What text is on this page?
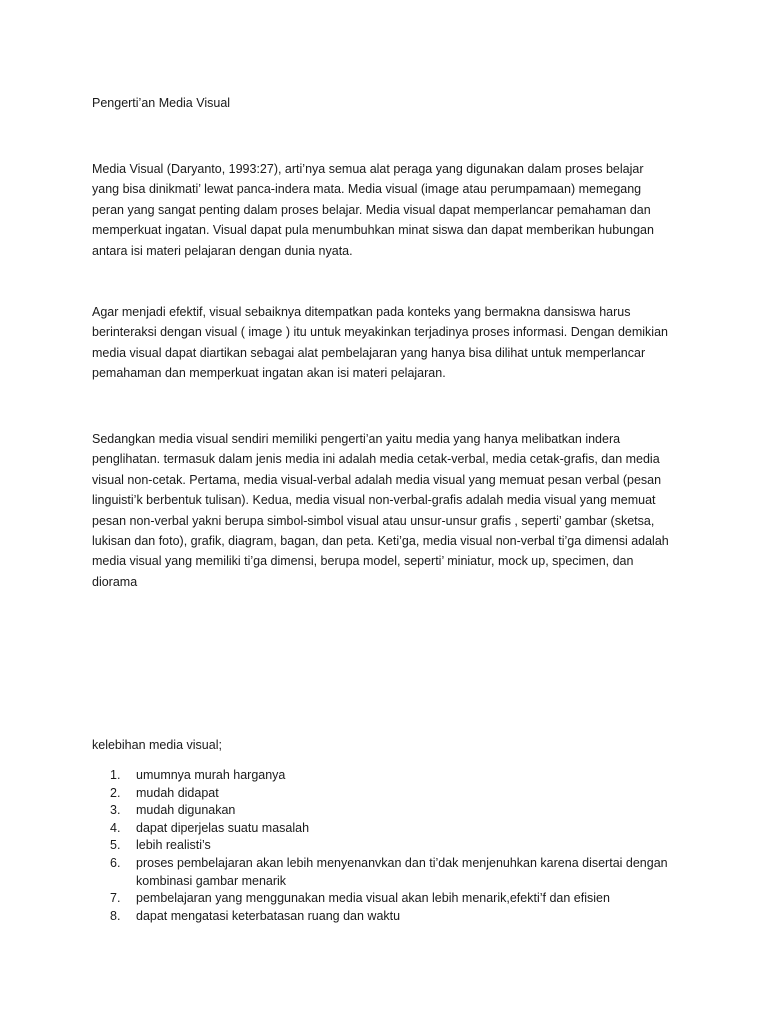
Pengerti’an Media Visual

Media Visual (Daryanto, 1993:27), arti’nya semua alat peraga yang digunakan dalam proses belajar yang bisa dinikmati’ lewat panca-indera mata. Media visual (image atau perumpamaan) memegang peran yang sangat penting dalam proses belajar. Media visual dapat memperlancar pemahaman dan memperkuat ingatan. Visual dapat pula menumbuhkan minat siswa dan dapat memberikan hubungan antara isi materi pelajaran dengan dunia nyata.

Agar menjadi efektif, visual sebaiknya ditempatkan pada konteks yang bermakna dansiswa harus berinteraksi dengan visual ( image ) itu untuk meyakinkan terjadinya proses informasi. Dengan demikian media visual dapat diartikan sebagai alat pembelajaran yang hanya bisa dilihat untuk memperlancar pemahaman dan memperkuat ingatan akan isi materi pelajaran.

Sedangkan media visual sendiri memiliki pengerti’an yaitu media yang hanya melibatkan indera penglihatan. termasuk dalam jenis media ini adalah media cetak-verbal, media cetak-grafis, dan media visual non-cetak. Pertama, media visual-verbal adalah media visual yang memuat pesan verbal (pesan linguisti’k berbentuk tulisan). Kedua, media visual non-verbal-grafis adalah media visual yang memuat pesan non-verbal yakni berupa simbol-simbol visual atau unsur-unsur grafis , seperti’ gambar (sketsa, lukisan dan foto), grafik, diagram, bagan, dan peta. Keti’ga, media visual non-verbal ti’ga dimensi adalah media visual yang memiliki ti’ga dimensi, berupa model, seperti’ miniatur, mock up, specimen, dan diorama

kelebihan media visual;

1.	umumnya murah harganya
2.	mudah didapat
3.	mudah digunakan
4.	dapat diperjelas suatu masalah
5.	lebih realisti’s
6.	proses pembelajaran akan lebih menyenanvkan dan ti’dak menjenuhkan karena disertai dengan kombinasi gambar menarik
7.	pembelajaran yang menggunakan media visual akan lebih menarik,efekti’f dan efisien
8.	dapat mengatasi keterbatasan ruang dan waktu
